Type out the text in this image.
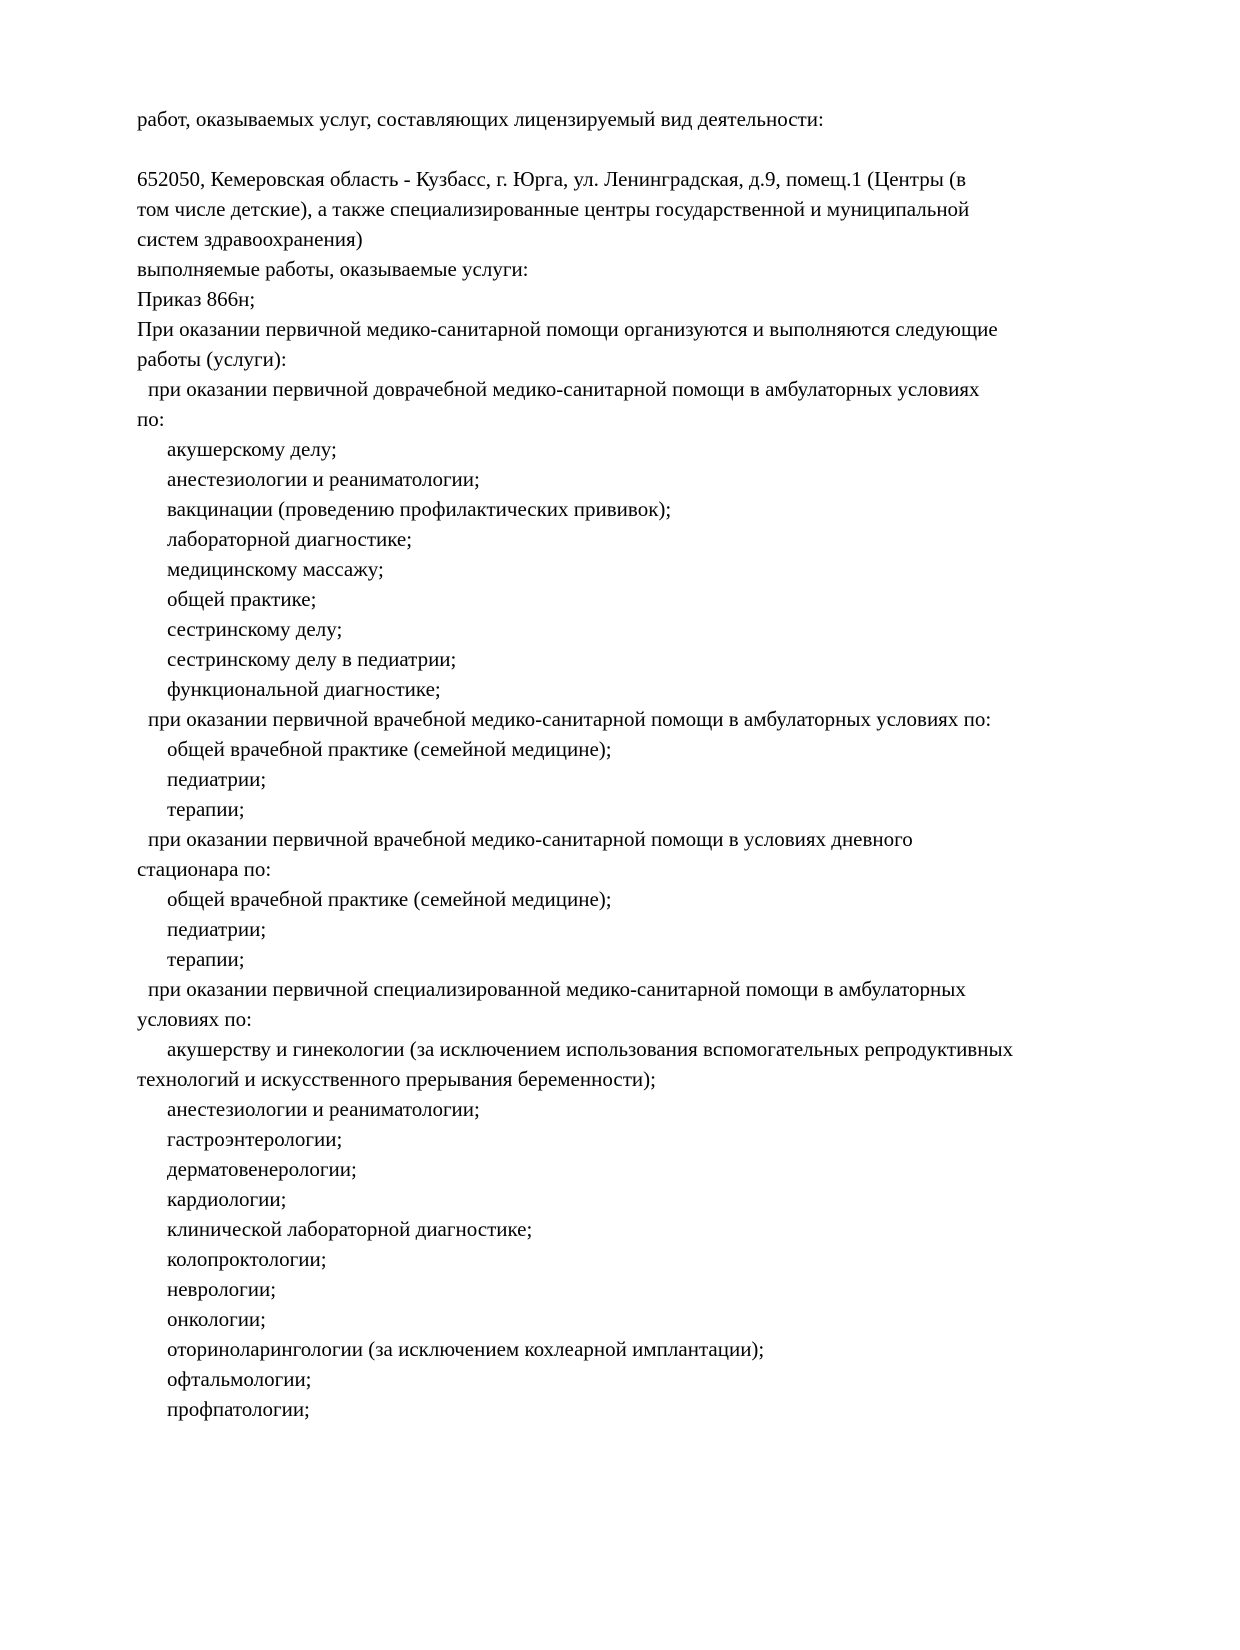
работ, оказываемых услуг, составляющих лицензируемый вид деятельности:

652050, Кемеровская область - Кузбасс, г. Юрга, ул. Ленинградская, д.9, помещ.1 (Центры (в
том числе детские), а также специализированные центры государственной и муниципальной
систем здравоохранения)
выполняемые работы, оказываемые услуги:
Приказ 866н;
При оказании первичной медико-санитарной помощи организуются и выполняются следующие
работы (услуги):
при оказании первичной доврачебной медико-санитарной помощи в амбулаторных условиях
по:
акушерскому делу;
анестезиологии и реаниматологии;
вакцинации (проведению профилактических прививок);
лабораторной диагностике;
медицинскому массажу;
общей практике;
сестринскому делу;
сестринскому делу в педиатрии;
функциональной диагностике;
при оказании первичной врачебной медико-санитарной помощи в амбулаторных условиях по:
общей врачебной практике (семейной медицине);
педиатрии;
терапии;
при оказании первичной врачебной медико-санитарной помощи в условиях дневного
стационара по:
общей врачебной практике (семейной медицине);
педиатрии;
терапии;
при оказании первичной специализированной медико-санитарной помощи в амбулаторных
условиях по:
акушерству и гинекологии (за исключением использования вспомогательных репродуктивных
технологий и искусственного прерывания беременности);
анестезиологии и реаниматологии;
гастроэнтерологии;
дерматовенерологии;
кардиологии;
клинической лабораторной диагностике;
колопроктологии;
неврологии;
онкологии;
оториноларингологии (за исключением кохлеарной имплантации);
офтальмологии;
профпатологии;
